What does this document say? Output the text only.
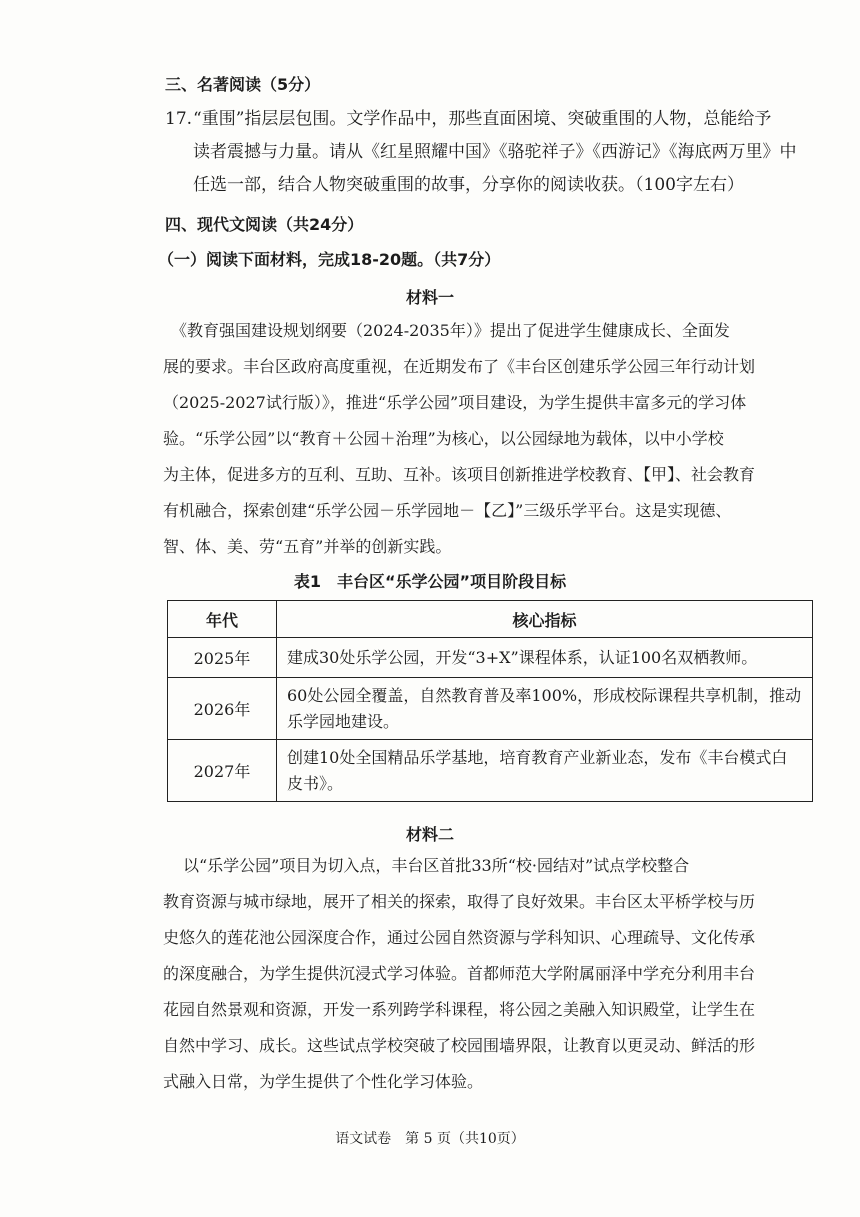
三、名著阅读（5分）
17.“重围”指层层包围。文学作品中，那些直面困境、突破重围的人物，总能给予
读者震撼与力量。请从《红星照耀中国》《骆驼祥子》《西游记》《海底两万里》中
任选一部，结合人物突破重围的故事，分享你的阅读收获。（100字左右）
四、现代文阅读（共24分）
（一）阅读下面材料，完成18-20题。（共7分）
材料一
《教育强国建设规划纲要（2024-2035年）》提出了促进学生健康成长、全面发
展的要求。丰台区政府高度重视，在近期发布了《丰台区创建乐学公园三年行动计划
（2025-2027试行版）》，推进“乐学公园”项目建设，为学生提供丰富多元的学习体
验。“乐学公园”以“教育＋公园＋治理”为核心，以公园绿地为载体，以中小学校
为主体，促进多方的互利、互助、互补。该项目创新推进学校教育、【甲】、社会教育
有机融合，探索创建“乐学公园－乐学园地－【乙】”三级乐学平台。这是实现德、
智、体、美、劳“五育”并举的创新实践。
表1　丰台区“乐学公园”项目阶段目标
年代	核心指标
2025年	建成30处乐学公园，开发“3+X”课程体系，认证100名双栖教师。
2026年	60处公园全覆盖，自然教育普及率100%，形成校际课程共享机制，推动乐学园地建设。
2027年	创建10处全国精品乐学基地，培育教育产业新业态，发布《丰台模式白皮书》。
材料二
以“乐学公园”项目为切入点，丰台区首批33所“校·园结对”试点学校整合
教育资源与城市绿地，展开了相关的探索，取得了良好效果。丰台区太平桥学校与历
史悠久的莲花池公园深度合作，通过公园自然资源与学科知识、心理疏导、文化传承
的深度融合，为学生提供沉浸式学习体验。首都师范大学附属丽泽中学充分利用丰台
花园自然景观和资源，开发一系列跨学科课程，将公园之美融入知识殿堂，让学生在
自然中学习、成长。这些试点学校突破了校园围墙界限，让教育以更灵动、鲜活的形
式融入日常，为学生提供了个性化学习体验。
语文试卷　第 5 页（共10页）
